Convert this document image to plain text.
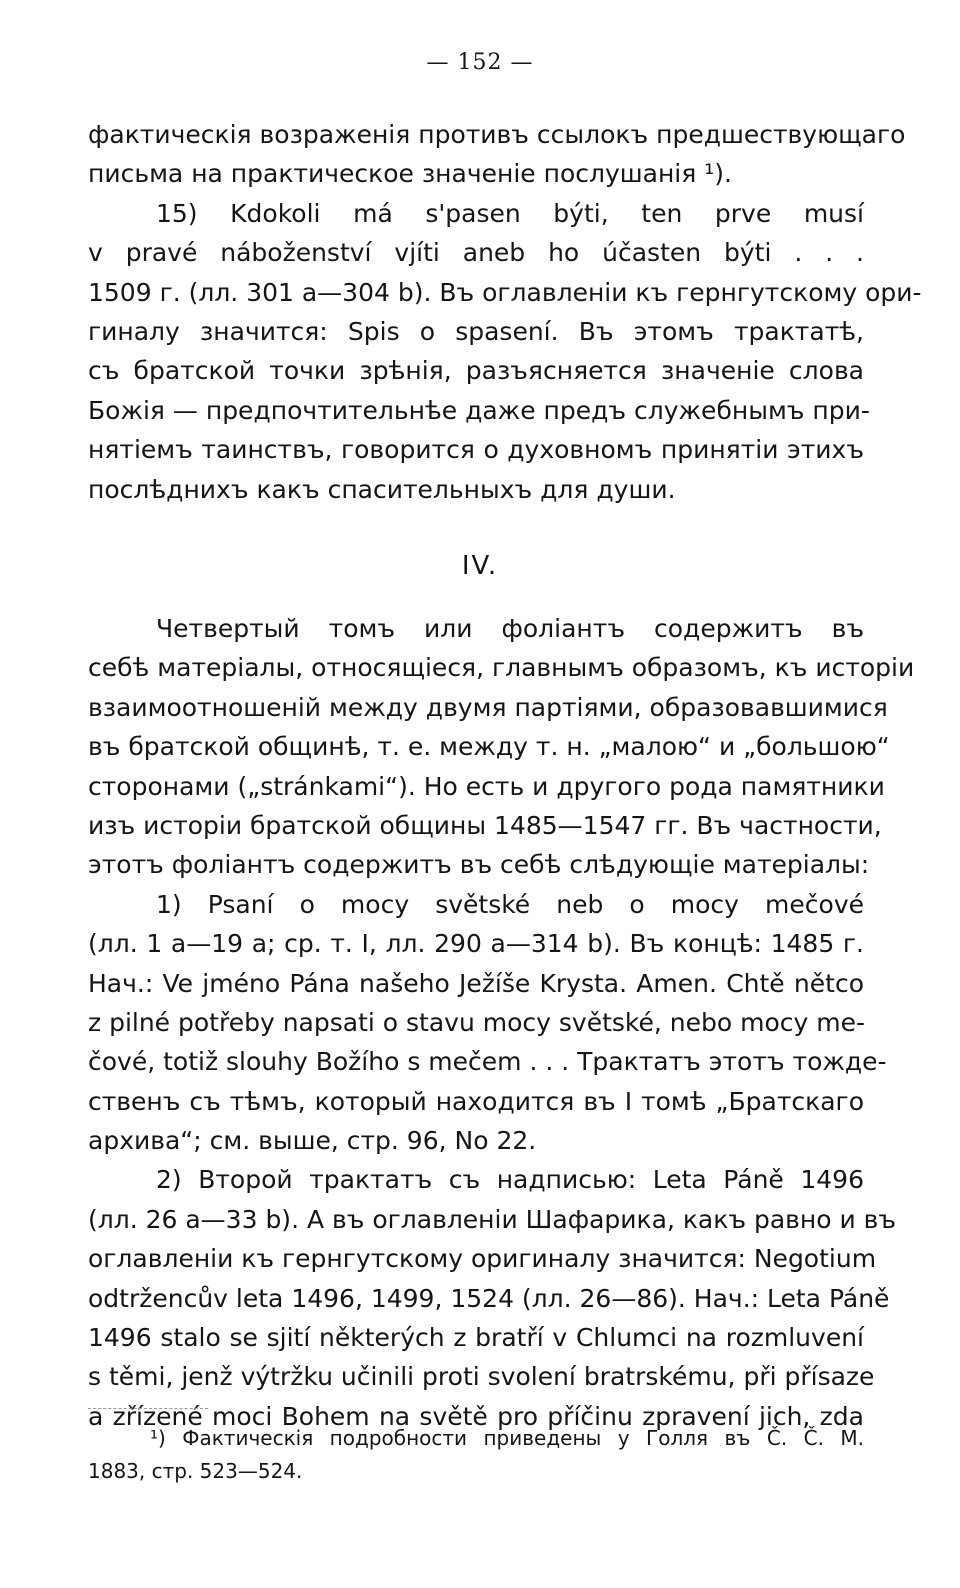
— 152 —
фактическія возраженія противъ ссылокъ предшествующаго
письма на практическое значеніе послушанія ¹).
15) Kdokoli má s'pasen býti, ten prve musí
v pravé náboženství vjíti aneb ho účasten býti . . .
1509 г. (лл. 301 a—304 b). Въ оглавленіи къ гернгутскому ори-
гиналу значится: Spis o spasení. Въ этомъ трактатѣ,
съ братской точки зрѣнія, разъясняется значеніе слова
Божія — предпочтительнѣе даже предъ служебнымъ при-
нятіемъ таинствъ, говорится о духовномъ принятіи этихъ
послѣднихъ какъ спасительныхъ для души.
IV.
Четвертый томъ или фоліантъ содержитъ въ
себѣ матеріалы, относящіеся, главнымъ образомъ, къ исторіи
взаимоотношеній между двумя партіями, образовавшимися
въ братской общинѣ, т. е. между т. н. „малою“ и „большою“
сторонами („stránkami“). Но есть и другого рода памятники
изъ исторіи братской общины 1485—1547 гг. Въ частности,
этотъ фоліантъ содержитъ въ себѣ слѣдующіе матеріалы:
1) Psaní o mocy světské neb o mocy mečové
(лл. 1 a—19 a; ср. т. I, лл. 290 a—314 b). Въ концѣ: 1485 г.
Нач.: Ve jméno Pána našeho Ježíše Krysta. Amen. Chtě nětco
z pilné potřeby napsati o stavu mocy světské, nebo mocy me-
čové, totiž slouhy Božího s mečem . . . Трактатъ этотъ тожде-
ственъ съ тѣмъ, который находится въ I томѣ „Братскаго
архива“; см. выше, стр. 96, No 22.
2) Второй трактатъ съ надписью: Leta Páně 1496
(лл. 26 a—33 b). А въ оглавленіи Шафарика, какъ равно и въ
оглавленіи къ гернгутскому оригиналу значится: Negotium
odtržencův leta 1496, 1499, 1524 (лл. 26—86). Нач.: Leta Páně
1496 stalo se sjití některých z bratří v Chlumci na rozmluvení
s těmi, jenž výtržku učinili proti svolení bratrskému, při přísaze
a zřízené moci Bohem na světě pro příčinu zpravení jich, zda
¹) Фактическія подробности приведены у Голля въ Č. Č. M.
1883, стр. 523—524.
